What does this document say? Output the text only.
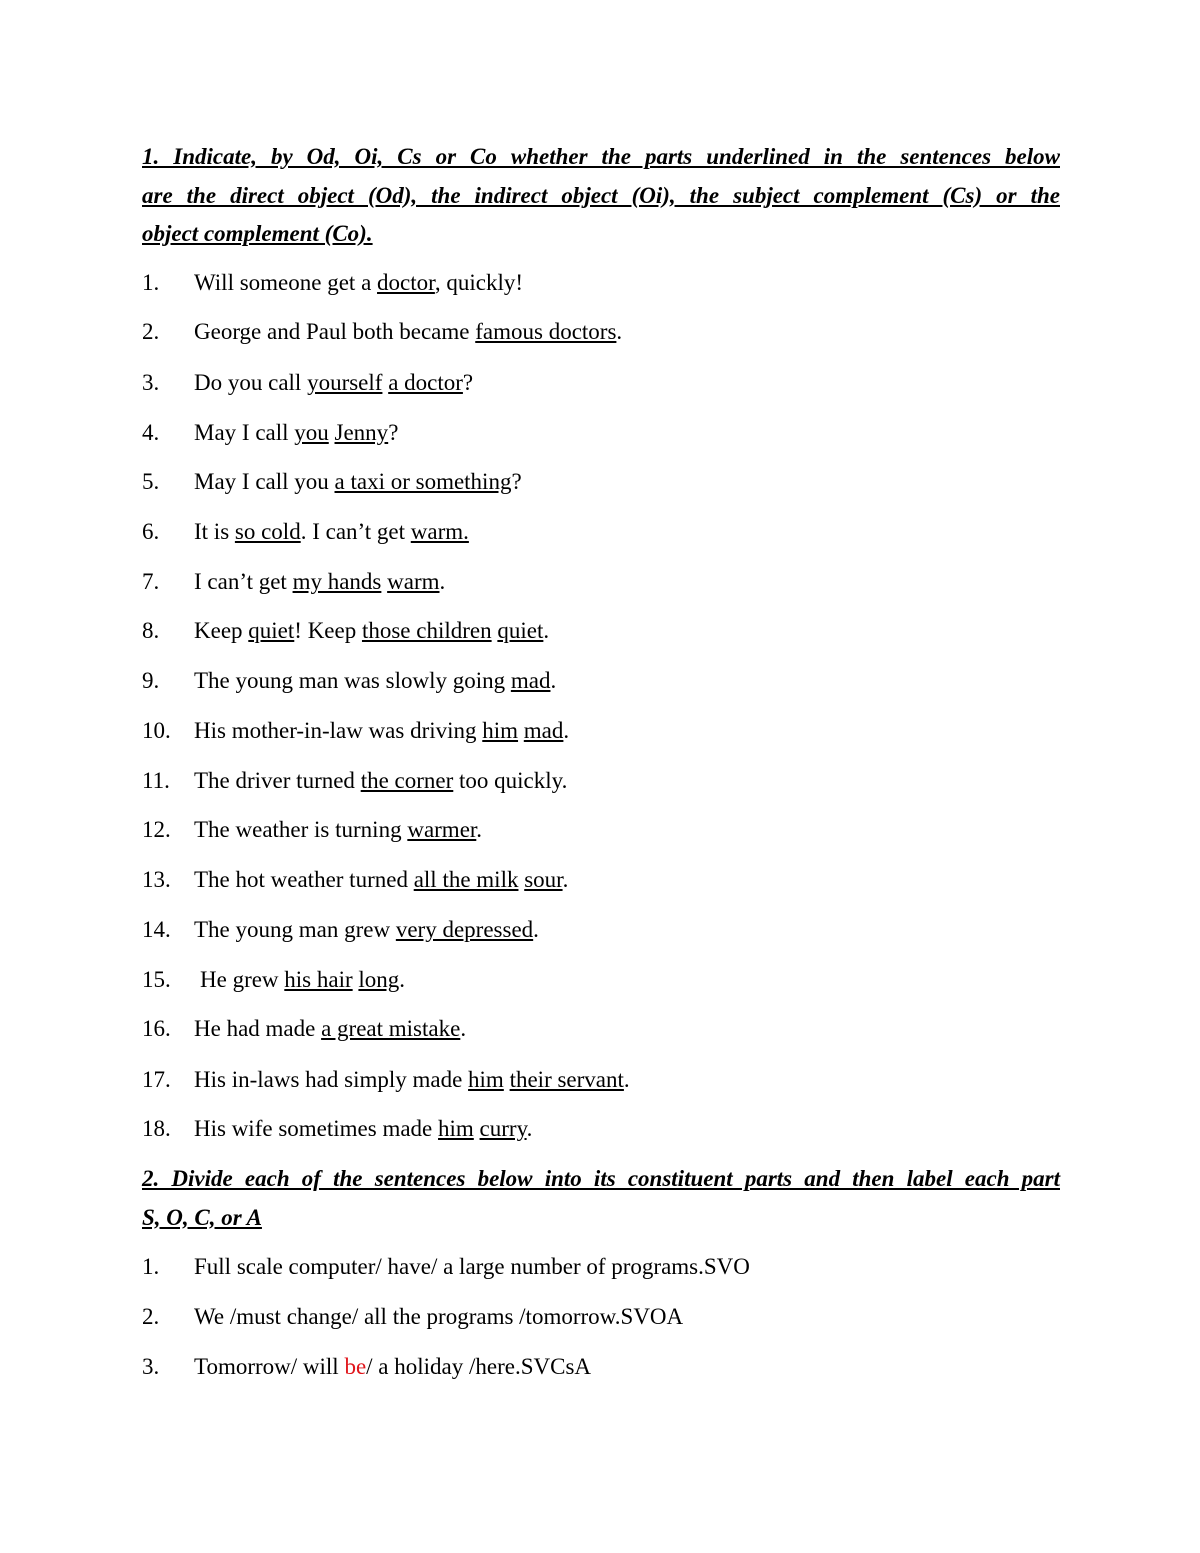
1. Indicate, by Od, Oi, Cs or Co whether the parts underlined in the sentences below
are the direct object (Od), the indirect object (Oi), the subject complement (Cs) or the
object complement (Co).
1. Will someone get a doctor, quickly!
2. George and Paul both became famous doctors.
3. Do you call yourself a doctor?
4. May I call you Jenny?
5. May I call you a taxi or something?
6. It is so cold. I can’t get warm.
7. I can’t get my hands warm.
8. Keep quiet! Keep those children quiet.
9. The young man was slowly going mad.
10. His mother-in-law was driving him mad.
11. The driver turned the corner too quickly.
12. The weather is turning warmer.
13. The hot weather turned all the milk sour.
14. The young man grew very depressed.
15. He grew his hair long.
16. He had made a great mistake.
17. His in-laws had simply made him their servant.
18. His wife sometimes made him curry.
2. Divide each of the sentences below into its constituent parts and then label each part
S, O, C, or A
1. Full scale computer/ have/ a large number of programs.SVO
2. We /must change/ all the programs /tomorrow.SVOA
3. Tomorrow/ will be/ a holiday /here.SVCsA
